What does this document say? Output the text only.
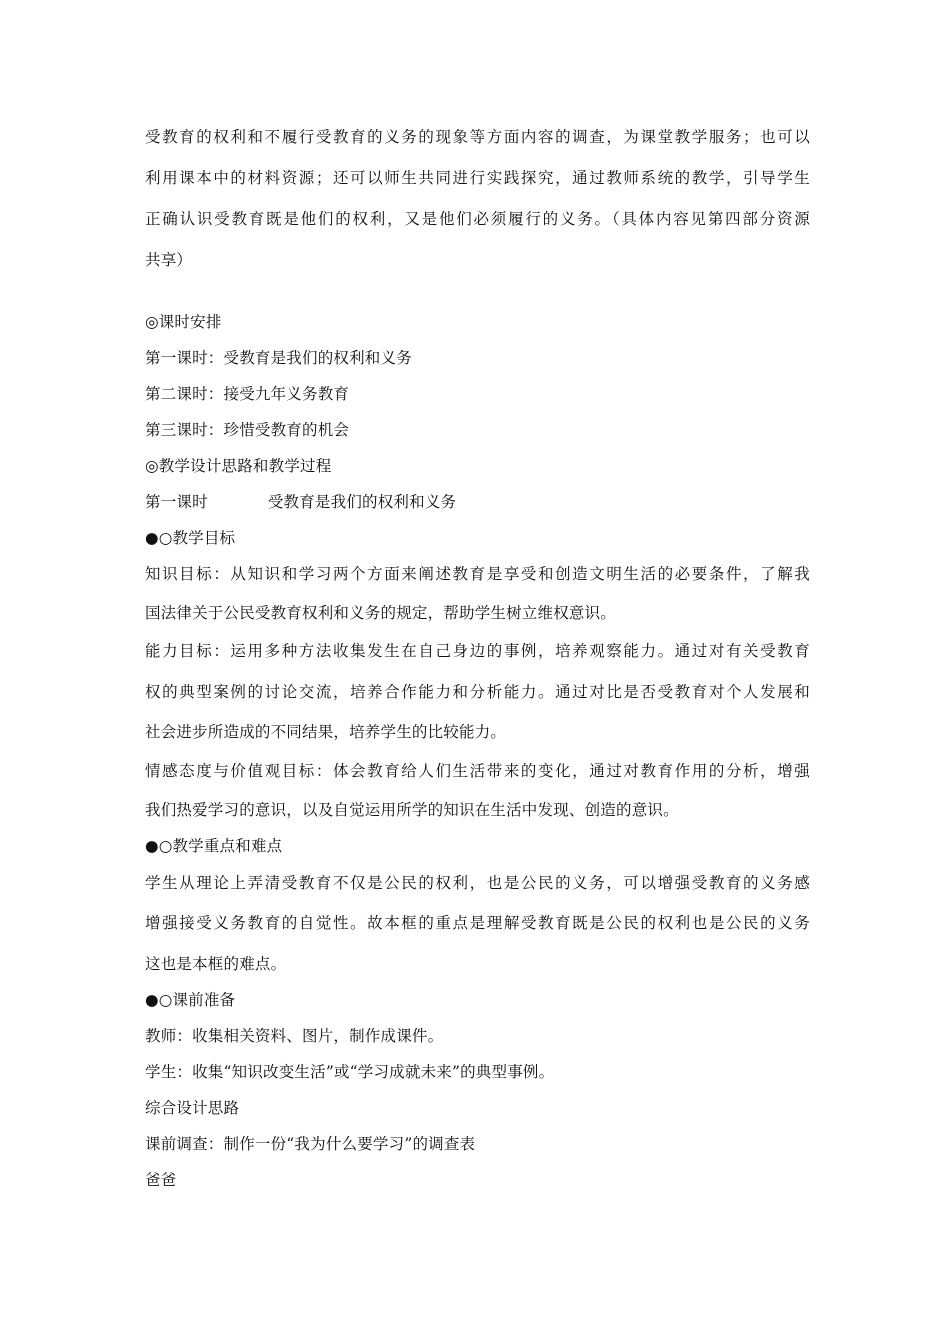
受教育的权利和不履行受教育的义务的现象等方面内容的调查，为课堂教学服务；也可以
利用课本中的材料资源；还可以师生共同进行实践探究，通过教师系统的教学，引导学生
正确认识受教育既是他们的权利，又是他们必须履行的义务。（具体内容见第四部分资源
共享）
◎课时安排
第一课时：受教育是我们的权利和义务
第二课时：接受九年义务教育
第三课时：珍惜受教育的机会
◎教学设计思路和教学过程
第一课时	受教育是我们的权利和义务
●○教学目标
知识目标：从知识和学习两个方面来阐述教育是享受和创造文明生活的必要条件，了解我
国法律关于公民受教育权利和义务的规定，帮助学生树立维权意识。
能力目标：运用多种方法收集发生在自己身边的事例，培养观察能力。通过对有关受教育
权的典型案例的讨论交流，培养合作能力和分析能力。通过对比是否受教育对个人发展和
社会进步所造成的不同结果，培养学生的比较能力。
情感态度与价值观目标：体会教育给人们生活带来的变化，通过对教育作用的分析，增强
我们热爱学习的意识，以及自觉运用所学的知识在生活中发现、创造的意识。
●○教学重点和难点
学生从理论上弄清受教育不仅是公民的权利，也是公民的义务，可以增强受教育的义务感
增强接受义务教育的自觉性。故本框的重点是理解受教育既是公民的权利也是公民的义务
这也是本框的难点。
●○课前准备
教师：收集相关资料、图片，制作成课件。
学生：收集“知识改变生活”或“学习成就未来”的典型事例。
综合设计思路
课前调查：制作一份“我为什么要学习”的调查表
爸爸
